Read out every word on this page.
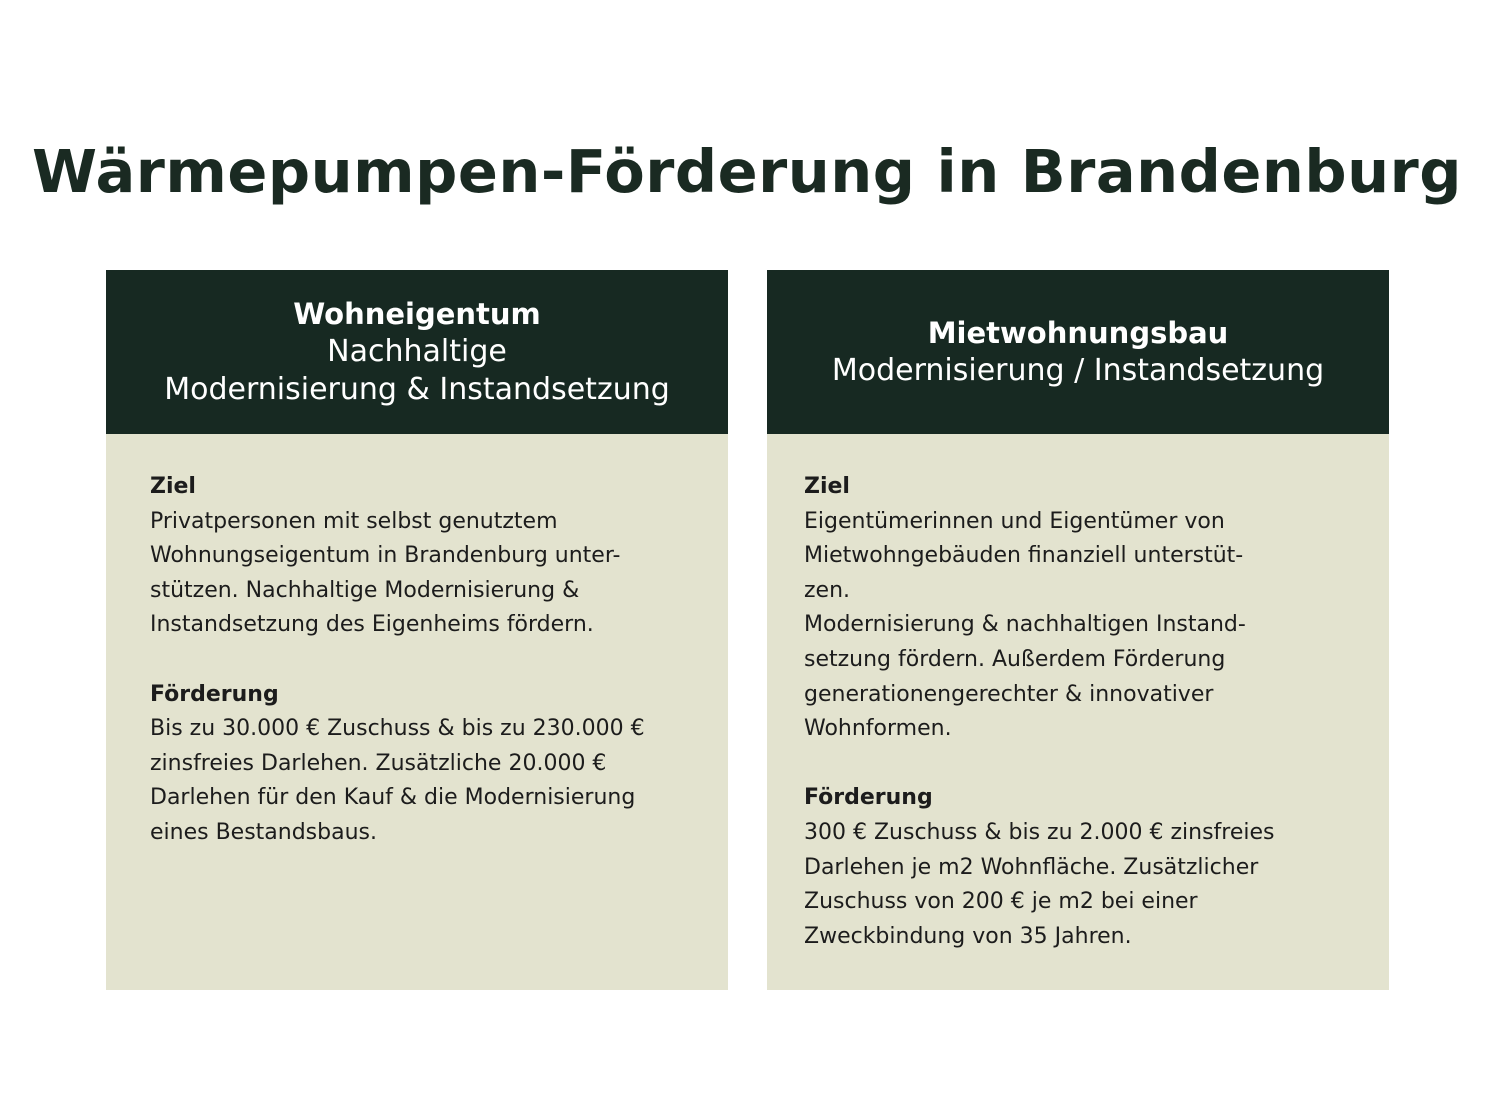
Wärmepumpen-Förderung in Brandenburg
Wohneigentum
Nachhaltige
Modernisierung & Instandsetzung

Ziel

Privatpersonen mit selbst genutztem

Wohnungseigentum in Brandenburg unter-

stützen. Nachhaltige Modernisierung &

Instandsetzung des Eigenheims fördern.

Förderung

Bis zu 30.000 € Zuschuss & bis zu 230.000 €

zinsfreies Darlehen. Zusätzliche 20.000 €

Darlehen für den Kauf & die Modernisierung

eines Bestandsbaus.

Mietwohnungsbau
Modernisierung / Instandsetzung

Ziel

Eigentümerinnen und Eigentümer von

Mietwohngebäuden finanziell unterstüt-

zen.

Modernisierung & nachhaltigen Instand-

setzung fördern. Außerdem Förderung

generationengerechter & innovativer

Wohnformen.

Förderung

300 € Zuschuss & bis zu 2.000 € zinsfreies

Darlehen je m2 Wohnfläche. Zusätzlicher

Zuschuss von 200 € je m2 bei einer

Zweckbindung von 35 Jahren.
